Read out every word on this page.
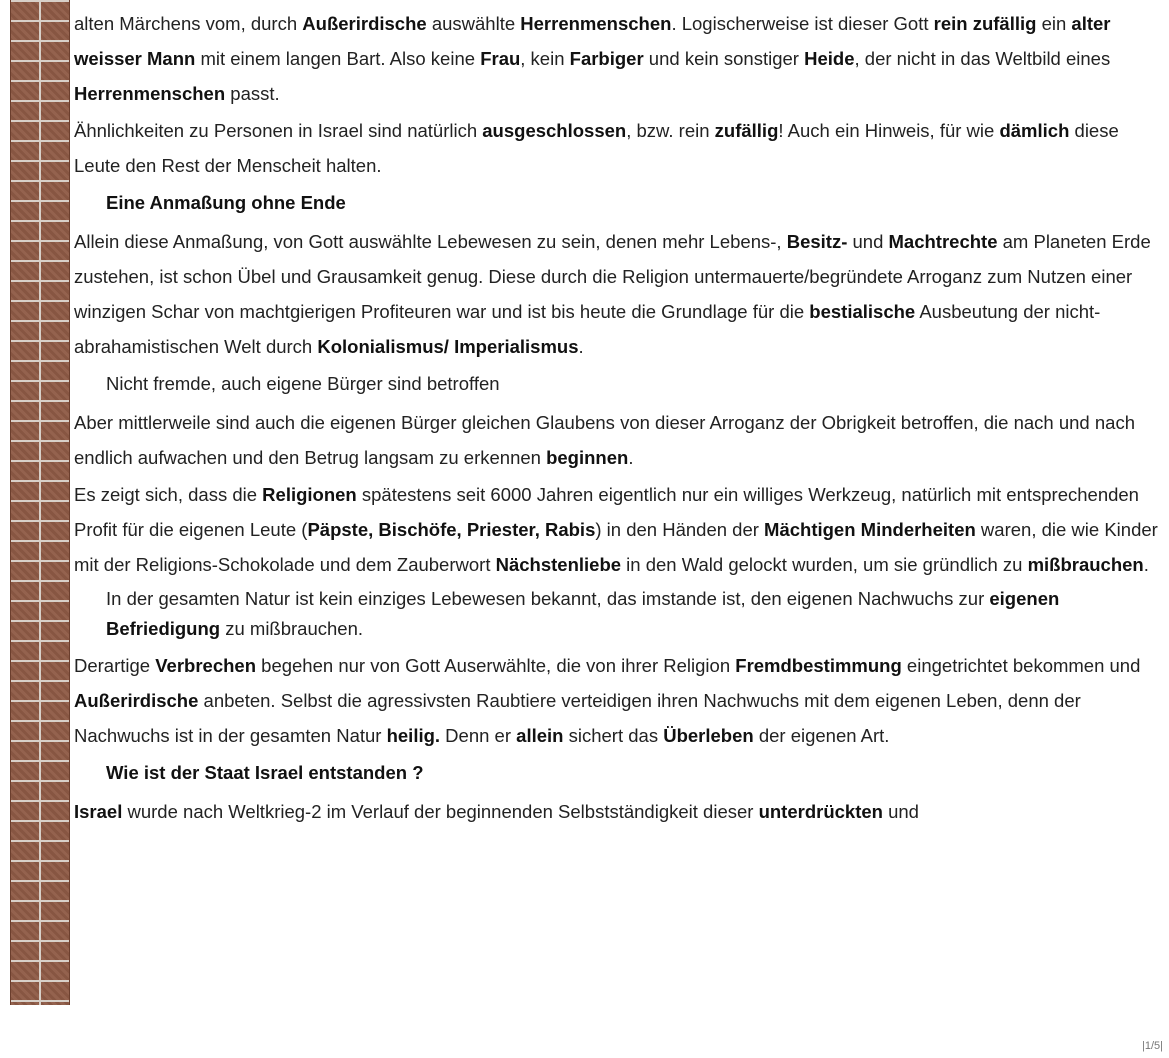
alten Märchens vom, durch Außerirdische auswählte Herrenmenschen. Logischerweise ist dieser Gott rein zufällig ein alter weisser Mann mit einem langen Bart. Also keine Frau, kein Farbiger und kein sonstiger Heide, der nicht in das Weltbild eines Herrenmenschen passt.

Ähnlichkeiten zu Personen in Israel sind natürlich ausgeschlossen, bzw. rein zufällig! Auch ein Hinweis, für wie dämlich diese Leute den Rest der Menscheit halten.

Eine Anmaßung ohne Ende

Allein diese Anmaßung, von Gott auswählte Lebewesen zu sein, denen mehr Lebens-, Besitz- und Machtrechte am Planeten Erde zustehen, ist schon Übel und Grausamkeit genug. Diese durch die Religion untermauerte/begründete Arroganz zum Nutzen einer winzigen Schar von machtgierigen Profiteuren war und ist bis heute die Grundlage für die bestialische Ausbeutung der nicht-abrahamistischen Welt durch Kolonialismus/ Imperialismus.

Nicht fremde, auch eigene Bürger sind betroffen

Aber mittlerweile sind auch die eigenen Bürger gleichen Glaubens von dieser Arroganz der Obrigkeit betroffen, die nach und nach endlich aufwachen und den Betrug langsam zu erkennen beginnen.

Es zeigt sich, dass die Religionen spätestens seit 6000 Jahren eigentlich nur ein williges Werkzeug, natürlich mit entsprechenden Profit für die eigenen Leute (Päpste, Bischöfe, Priester, Rabis) in den Händen der Mächtigen Minderheiten waren, die wie Kinder mit der Religions-Schokolade und dem Zauberwort Nächstenliebe in den Wald gelockt wurden, um sie gründlich zu mißbrauchen.

In der gesamten Natur ist kein einziges Lebewesen bekannt, das imstande ist, den eigenen Nachwuchs zur eigenen Befriedigung zu mißbrauchen.

Derartige Verbrechen begehen nur von Gott Auserwählte, die von ihrer Religion Fremdbestimmung eingetrichtet bekommen und Außerirdische anbeten. Selbst die agressivsten Raubtiere verteidigen ihren Nachwuchs mit dem eigenen Leben, denn der Nachwuchs ist in der gesamten Natur heilig. Denn er allein sichert das Überleben der eigenen Art.

Wie ist der Staat Israel entstanden ?

Israel wurde nach Weltkrieg-2 im Verlauf der beginnenden Selbstständigkeit dieser unterdrückten und

|1/5|
